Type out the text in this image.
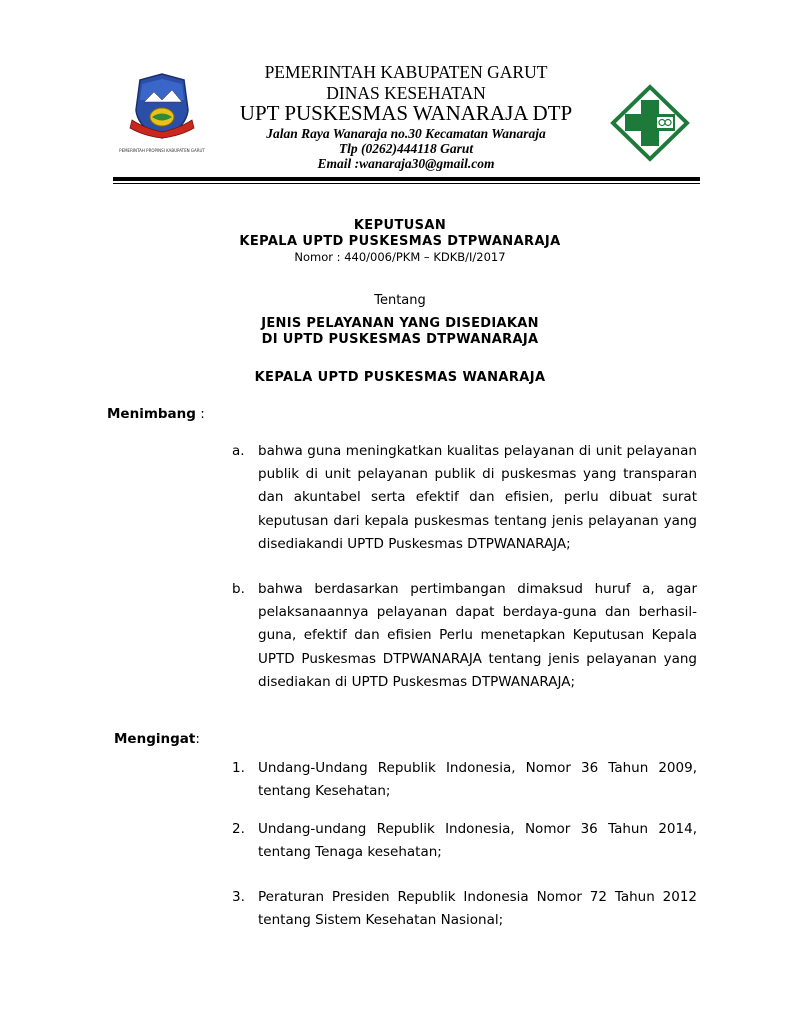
PEMERINTAH PROPINSI KABUPATEN GARUT
PEMERINTAH KABUPATEN GARUT
DINAS KESEHATAN
UPT PUSKESMAS WANARAJA DTP
Jalan Raya Wanaraja no.30 Kecamatan Wanaraja
Tlp (0262)444118 Garut
Email :wanaraja30@gmail.com
KEPUTUSAN
KEPALA UPTD PUSKESMAS DTPWANARAJA
Nomor : 440/006/PKM – KDKB/I/2017
Tentang
JENIS PELAYANAN YANG DISEDIAKAN
DI UPTD PUSKESMAS DTPWANARAJA
KEPALA UPTD PUSKESMAS WANARAJA
Menimbang :
a. bahwa guna meningkatkan kualitas pelayanan di unit pelayanan publik di unit pelayanan publik di puskesmas yang transparan dan akuntabel serta efektif dan efisien, perlu dibuat surat keputusan dari kepala puskesmas tentang jenis pelayanan yang disediakandi UPTD Puskesmas DTPWANARAJA;
b. bahwa berdasarkan pertimbangan dimaksud huruf a, agar pelaksanaannya pelayanan dapat berdaya-guna dan berhasil-guna, efektif dan efisien Perlu menetapkan Keputusan Kepala UPTD Puskesmas DTPWANARAJA tentang jenis pelayanan yang disediakan di UPTD Puskesmas DTPWANARAJA;
Mengingat:
1. Undang-Undang Republik Indonesia, Nomor 36 Tahun 2009, tentang Kesehatan;
2. Undang-undang Republik Indonesia, Nomor 36 Tahun 2014, tentang Tenaga kesehatan;
3. Peraturan Presiden Republik Indonesia Nomor 72 Tahun 2012 tentang Sistem Kesehatan Nasional;
